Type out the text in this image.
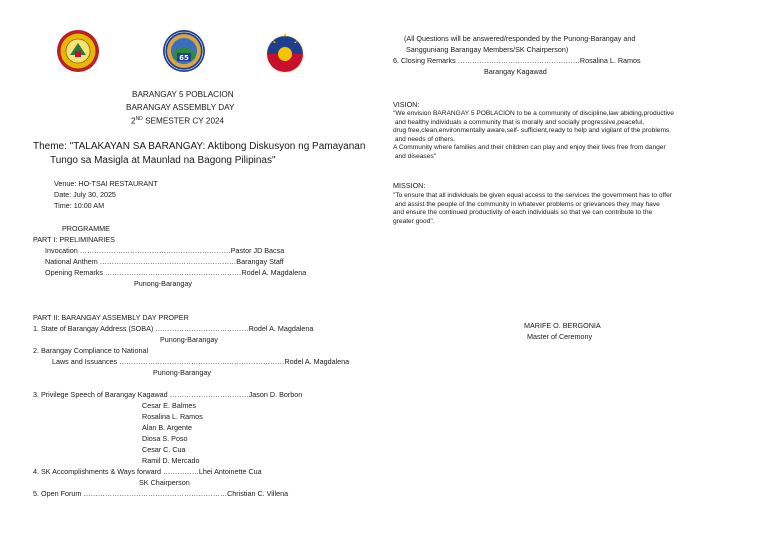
65
BARANGAY 5 POBLACION
BARANGAY ASSEMBLY DAY
2ND SEMESTER CY 2024
Theme: "TALAKAYAN SA BARANGAY: Aktibong Diskusyon ng Pamayanan
Tungo sa Masigla at Maunlad na Bagong Pilipinas"
Venue: HO-TSAI RESTAURANT
Date: July 30, 2025
Time: 10:00 AM
PROGRAMME
PART I: PRELIMINARIES
Invocation ………………………………………………………Pastor JD Bacsa
National Anthem …………………………………………………Barangay Staff
Opening Remarks …………………………………………………Rodel A. Magdalena
Punong-Barangay
PART II: BARANGAY ASSEMBLY DAY PROPER
1. State of Barangay Address (SOBA) …………………………………Rodel A. Magdalena
Punong-Barangay
2. Barangay Compliance to National
Laws and Issuances ……………………………………………………………Rodel A. Magdalena
Punong-Barangay
3. Privilege Speech of Barangay Kagawad ……………………………Jason D. Borbon
Cesar E. Balmes
Rosalina L. Ramos
Alan B. Argente
Diosa S. Poso
Cesar C. Cua
Ramil D. Mercado
4. SK Accomplishments & Ways forward ……………Lhei Antoinette Cua
SK Chairperson
5. Open Forum ……………………………………………………Christian C. Villena
(All Questions will be answered/responded by the Punong-Barangay and
Sangguniang Barangay Members/SK Chairperson)
6. Closing Remarks ……………………………………………Rosalina L. Ramos
Barangay Kagawad
VISION:
"We envision BARANGAY 5 POBLACION to be a community of discipline,law abiding,productive
and healthy individuals a community that is morally and socially progressive,peaceful,
drug free,clean,environmentally aware,self- sufficient,ready to help and vigilant of the problems
and needs of others.
A Community where families and their children can play and enjoy their lives free from danger
and diseases"
MISSION:
"To ensure that all individuals be given equal access to the services the government has to offer
and assist the people of the community in whatever problems or grievances they may have
and ensure the continued productivity of each individuals so that we can contribute to the
greater good".
MARIFE O. BERGONIA
Master of Ceremony
